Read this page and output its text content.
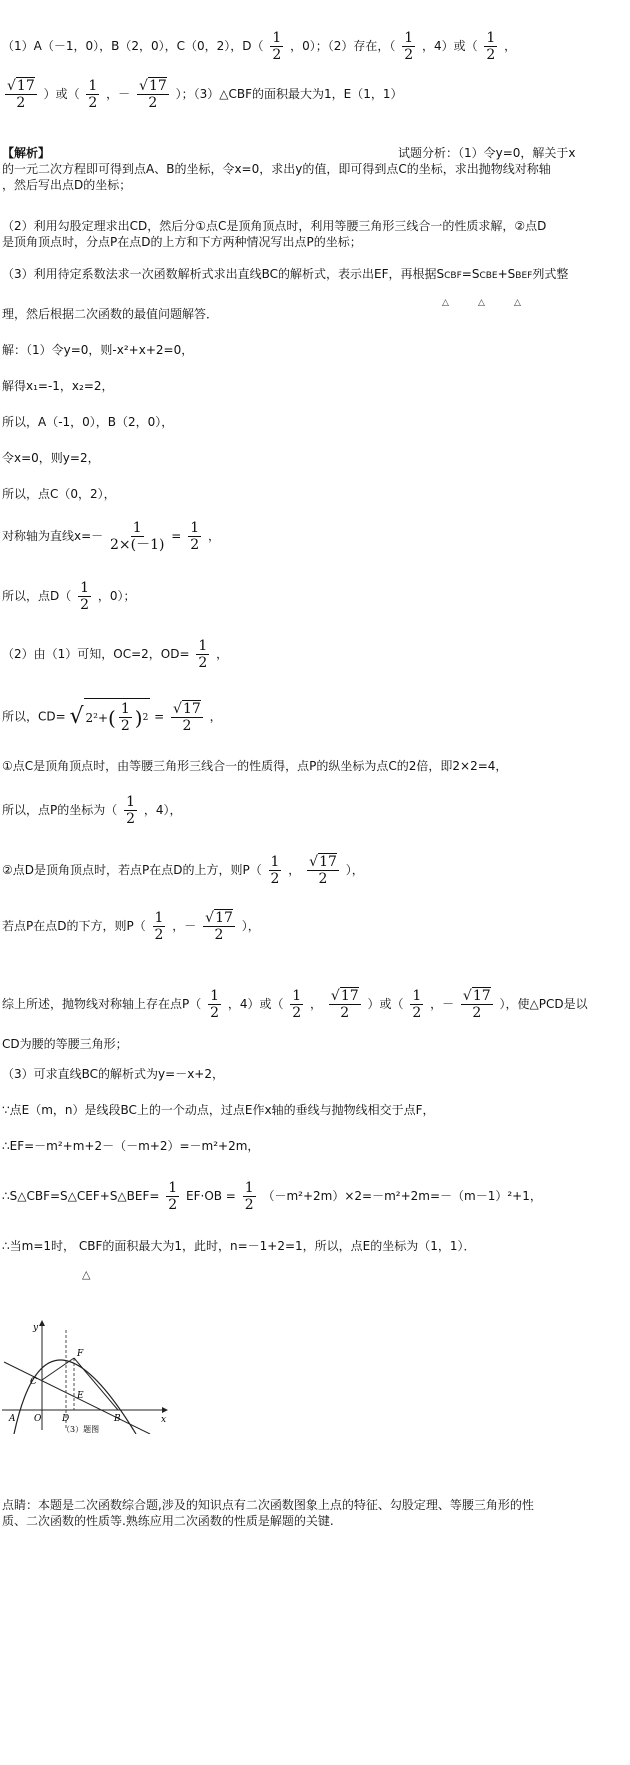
（1）A（－1，0），B（2，0），C（0，2），$D( \frac{1}{2}$ ，0）；（2）存在，（ $\frac{1}{2}$ ，4）或（ $\frac{1}{2}$ ，
$\frac{√17}{2}$ ）或（ $\frac{1}{2}$ ，－ $\frac{√17}{2}$ ）；（3）△CBF的面积最大为1，E（1，1）
【解析】	试题分析：（1）令y=0，解关于x
的一元二次方程即可得到点A、B的坐标，令x=0，求出y的值，即可得到点C的坐标，求出抛物线对称轴
，然后写出点D的坐标；
（2）利用勾股定理求出CD，然后分①点C是顶角顶点时，利用等腰三角形三线合一的性质求解，②点D
是顶角顶点时，分点P在点D的上方和下方两种情况写出点P的坐标；
（3）利用待定系数法求一次函数解析式求出直线BC的解析式，表示出EF，再根据SCBF=SCBE+SBEF列式整
△	△	△
理，然后根据二次函数的最值问题解答．
解：（1）令y=0，则-x²+x+2=0，
解得x₁=-1，x₂=2，
所以，A（-1，0），B（2，0），
令x=0，则y=2，
所以，点C（0，2），
对称轴为直线$x=- \frac{1}{2\times(-1)} = \frac{1}{2}$ ，
所以，点$D( \frac{1}{2}$ ，0）；
（2）由（1）可知，OC=2，$OD= \frac{1}{2}$ ，
所以，CD= √ 2²+ ( $\frac{1}{2}$ ) $2 = \frac{√17}{2}$ ，
①点C是顶角顶点时，由等腰三角形三线合一的性质得，点P的纵坐标为点C的2倍，即2×2=4，
所以，点P的坐标为（ $\frac{1}{2}$ ，4），
②点D是顶角顶点时，若点P在点D的上方，则$P( \frac{1}{2}$ ， $\frac{√17}{2}$ ），
若点P在点D的下方，则$P( \frac{1}{2}$ ，－ $\frac{√17}{2}$ ），
综上所述，抛物线对称轴上存在点$P( \frac{1}{2}$ ，4）或（ $\frac{1}{2}$ ， $\frac{√17}{2}$ ）或（ $\frac{1}{2}$ ，－ $\frac{√17}{2}$ ），使△PCD是以
CD为腰的等腰三角形；
（3）可求直线BC的解析式为y=－x+2，
∵点E（m，n）是线段BC上的一个动点，过点E作x轴的垂线与抛物线相交于点F，
∴EF=－m²+m+2－（－m+2）=－m²+2m，
∴S△CBF=S△CEF+S△BEF= $\frac{1}{2} EF\cdot OB = \frac{1}{2} (-m^2+2m)\times 2=-m^2+2m=-(m-1)^2+1$，
∴当m=1时， CBF的面积最大为1，此时，n=－1+2=1，所以，点E的坐标为（1，1）．
△
y
x
C
F
E
A O D	B
（3）题图
点睛：本题是二次函数综合题,涉及的知识点有二次函数图象上点的特征、勾股定理、等腰三角形的性
质、二次函数的性质等.熟练应用二次函数的性质是解题的关键.
